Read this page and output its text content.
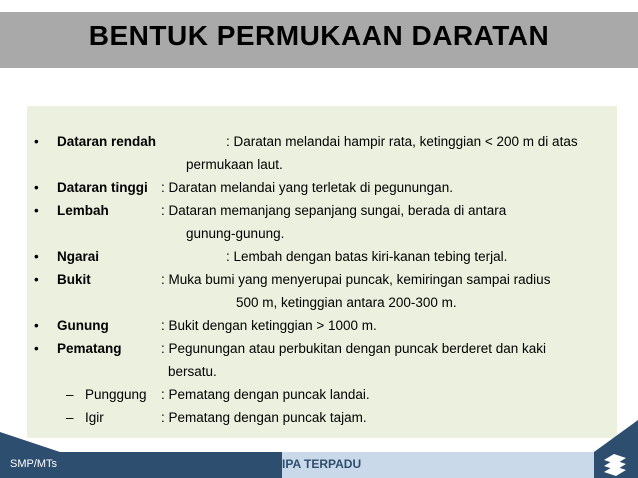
BENTUK PERMUKAAN DARATAN
• Dataran rendah	: Daratan melandai hampir rata, ketinggian < 200 m di atas
permukaan laut.
• Dataran tinggi : Daratan melandai yang terletak di pegunungan.
• Lembah	: Dataran memanjang sepanjang sungai, berada di antara
gunung-gunung.
• Ngarai	: Lembah dengan batas kiri-kanan tebing terjal.
• Bukit	: Muka bumi yang menyerupai puncak, kemiringan sampai radius
500 m, ketinggian antara 200-300 m.
• Gunung	: Bukit dengan ketinggian > 1000 m.
• Pematang	: Pegunungan atau perbukitan dengan puncak berderet dan kaki
bersatu.
– Punggung : Pematang dengan puncak landai.
– Igir	: Pematang dengan puncak tajam.
SMP/MTs	IPA TERPADU
